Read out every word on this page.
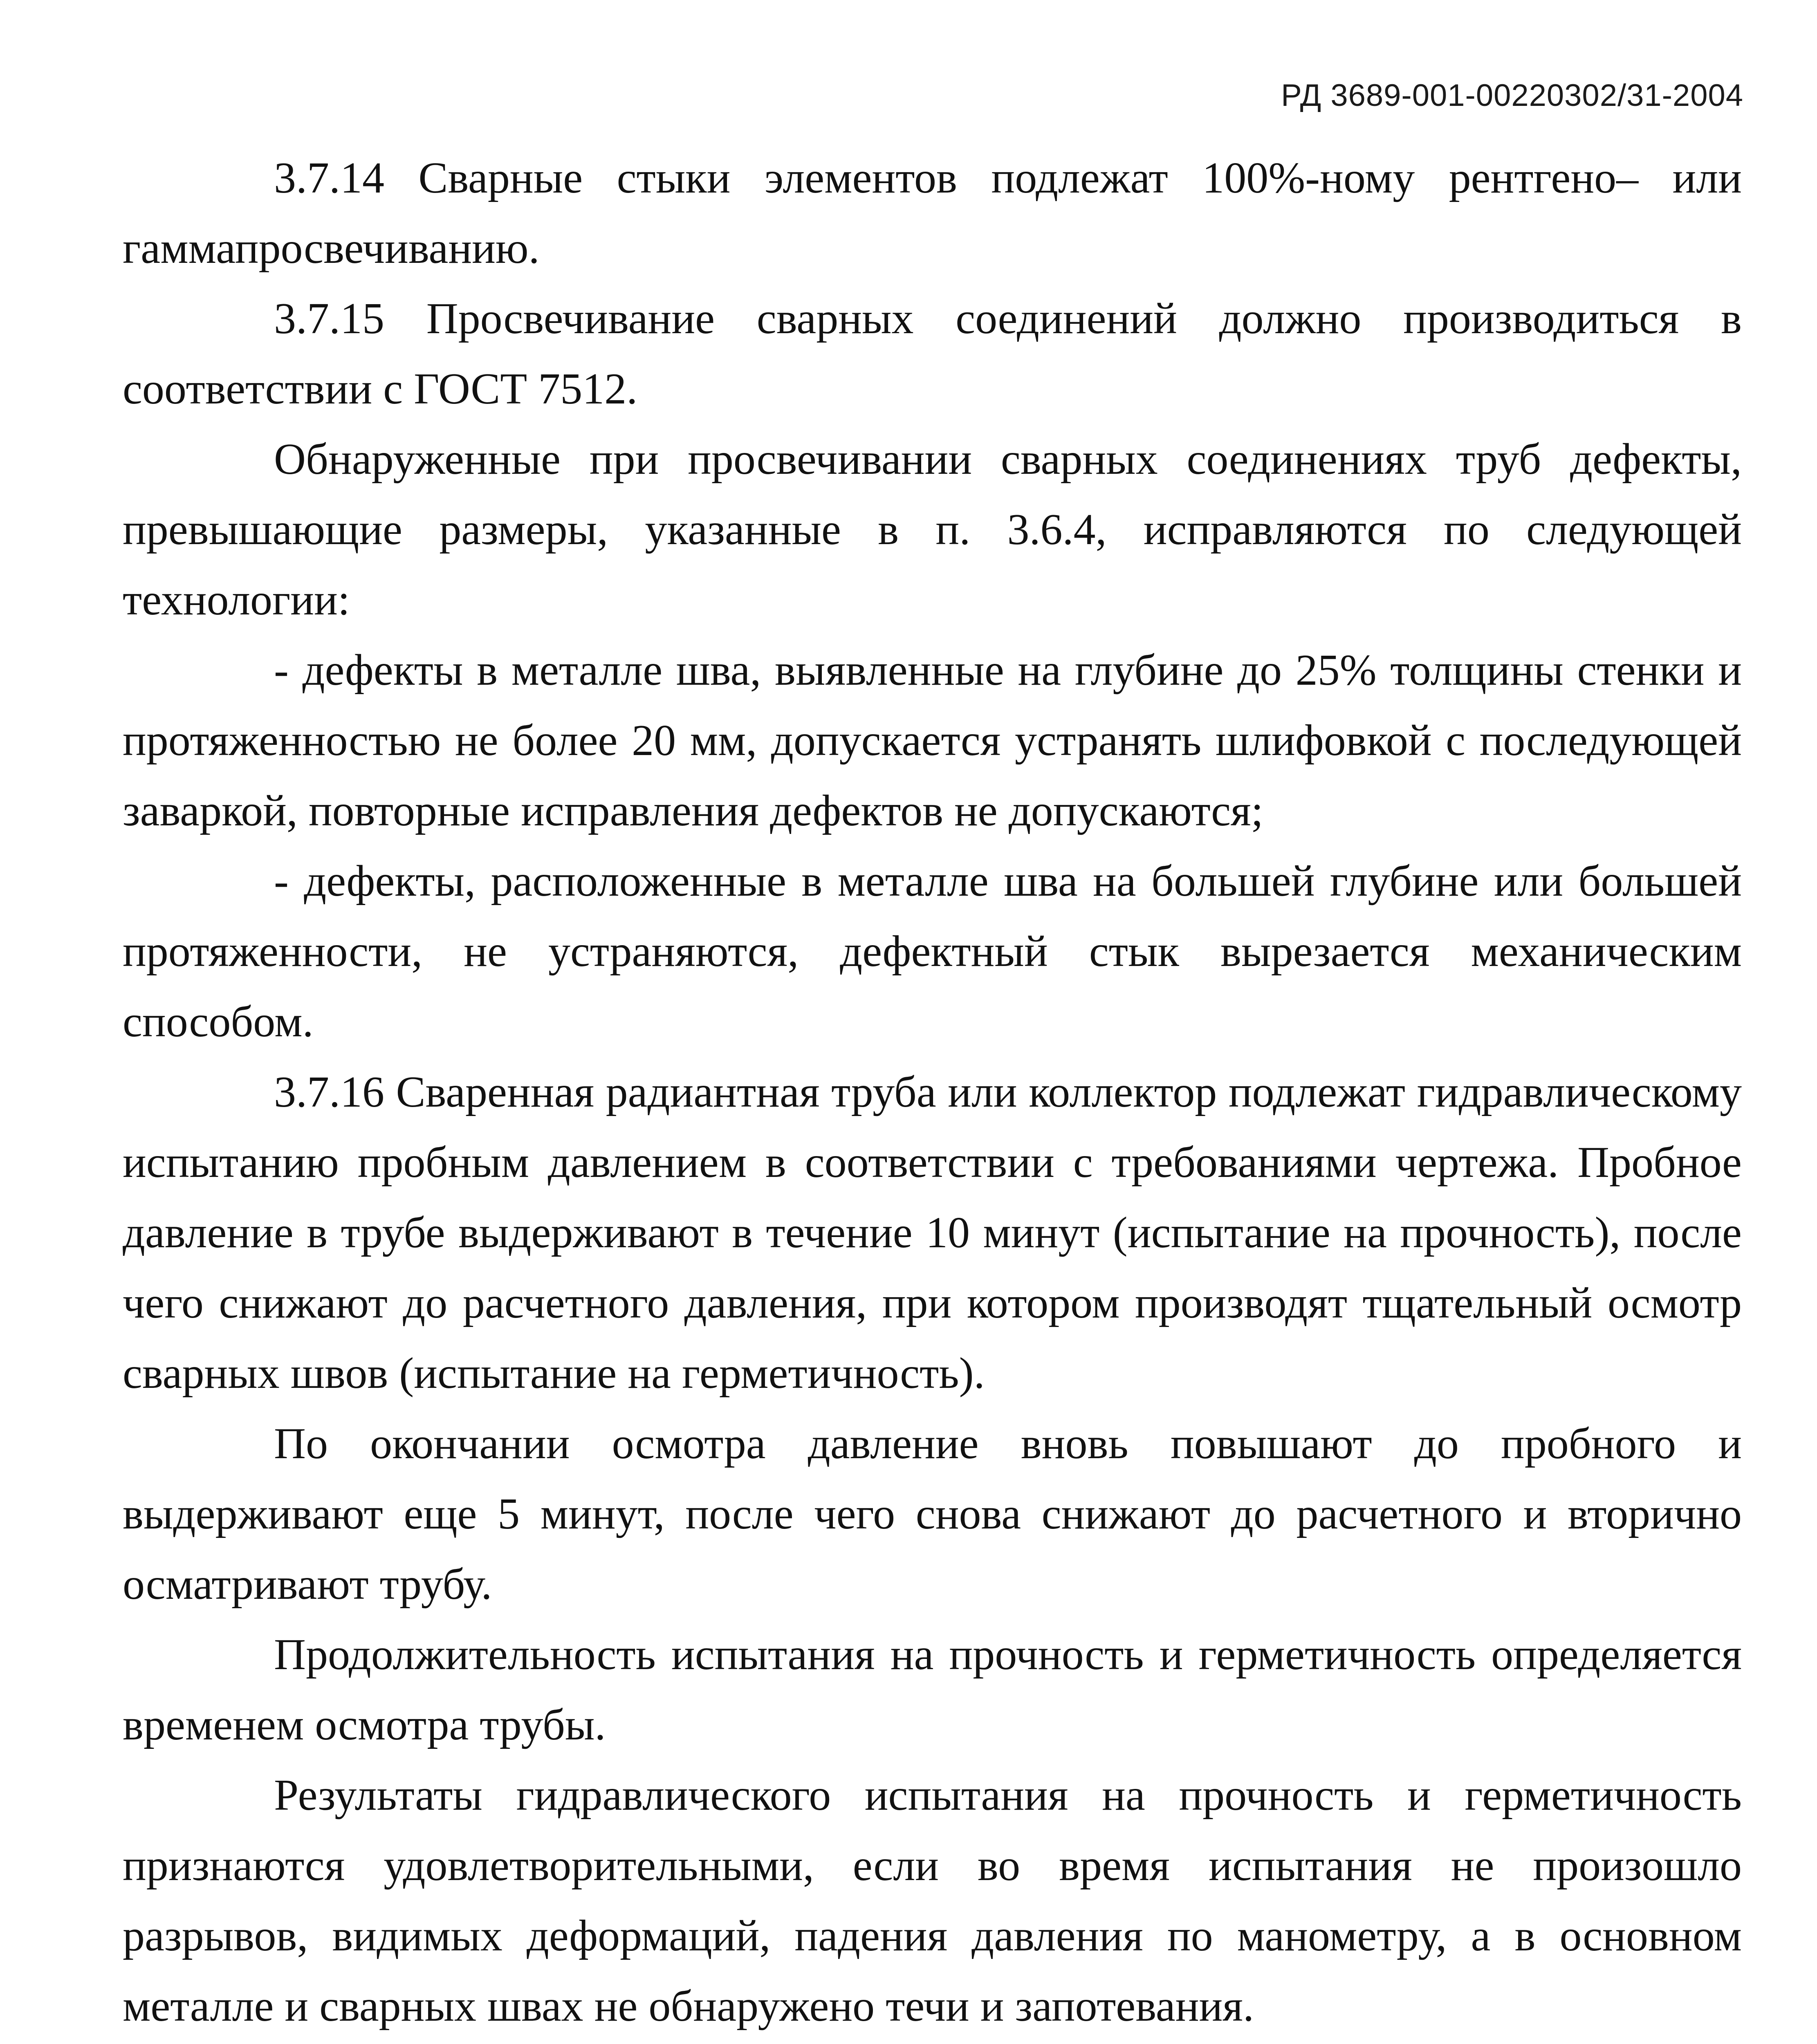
РД 3689-001-00220302/31-2004

3.7.14 Сварные стыки элементов подлежат 100%-ному рентгено– или гаммапросвечиванию.

3.7.15 Просвечивание сварных соединений должно производиться в соответствии с ГОСТ 7512.

Обнаруженные при просвечивании сварных соединениях труб дефекты, превышающие размеры, указанные в п. 3.6.4, исправляются по следующей технологии:

- дефекты в металле шва, выявленные на глубине до 25% толщины стенки и протяженностью не более 20 мм, допускается устранять шлифовкой с последующей заваркой, повторные исправления дефектов не допускаются;

- дефекты, расположенные в металле шва на большей глубине или большей протяженности, не устраняются, дефектный стык вырезается механическим способом.

3.7.16 Сваренная радиантная труба или коллектор подлежат гидравлическому испытанию пробным давлением в соответствии с требованиями чертежа. Пробное давление в трубе выдерживают в течение 10 минут (испытание на прочность), после чего снижают до расчетного давления, при котором производят тщательный осмотр сварных швов (испытание на герметичность).

По окончании осмотра давление вновь повышают до пробного и выдерживают еще 5 минут, после чего снова снижают до расчетного и вторично осматривают трубу.

Продолжительность испытания на прочность и герметичность определяется временем осмотра трубы.

Результаты гидравлического испытания на прочность и герметичность признаются удовлетворительными, если во время испытания не произошло разрывов, видимых деформаций, падения давления по манометру, а в основном металле и сварных швах не обнаружено течи и запотевания.
